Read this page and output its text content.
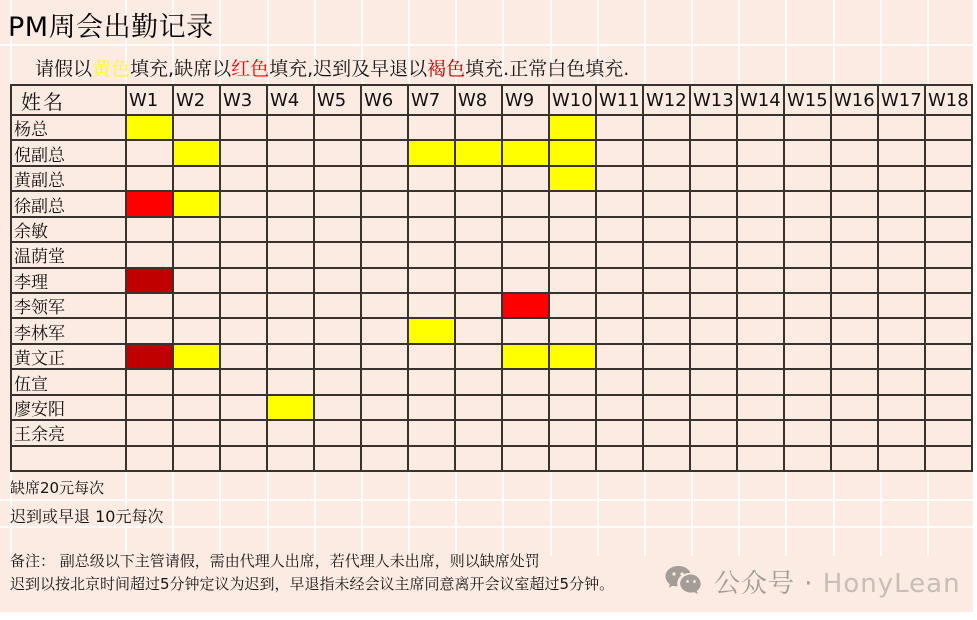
PM周会出勤记录
请假以黄色填充,缺席以红色填充,迟到及早退以褐色填充.正常白色填充.
姓名	W1 W2 W3 W4 W5 W6 W7 W8 W9 W10 W11 W12 W13 W14 W15 W16 W17 W18
杨总
倪副总
黄副总
徐副总
余敏
温荫堂
李理
李领军
李林军
黄文正
伍宣
廖安阳
王余亮
缺席20元每次
迟到或早退 10元每次
备注： 副总级以下主管请假，需由代理人出席，若代理人未出席，则以缺席处罚
迟到以按北京时间超过5分钟定议为迟到，早退指未经会议主席同意离开会议室超过5分钟。	公众号 · HonyLean
